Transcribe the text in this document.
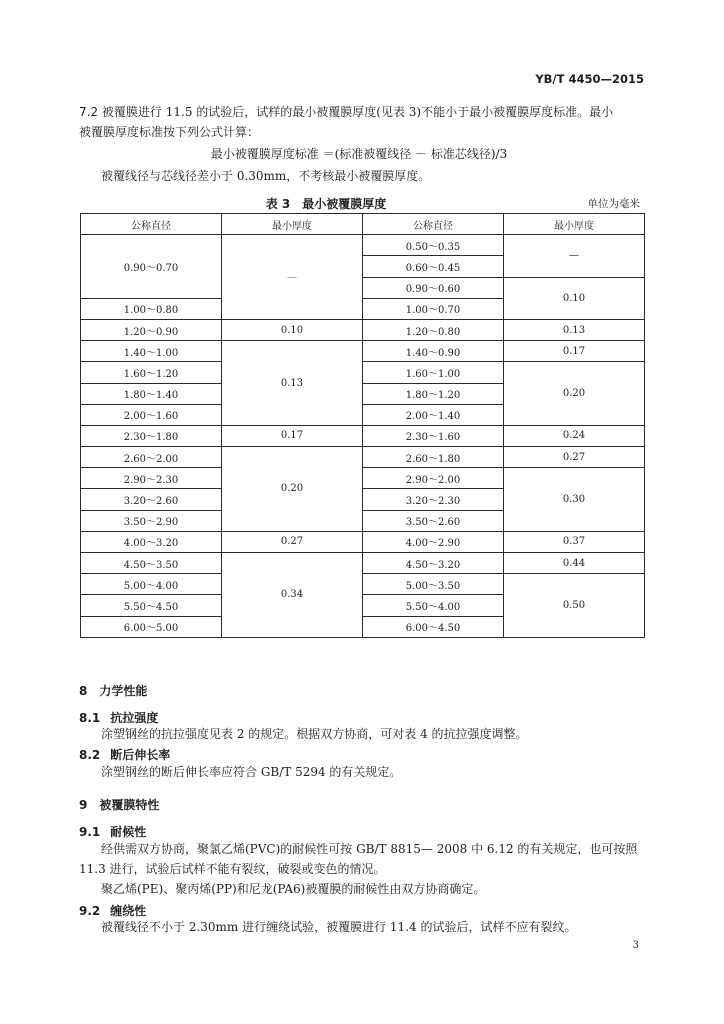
YB/T 4450—2015
7.2 被覆膜进行 11.5 的试验后，试样的最小被覆膜厚度(见表 3)不能小于最小被覆膜厚度标准。最小
被覆膜厚度标准按下列公式计算：
最小被覆膜厚度标准 ＝(标准被覆线径 － 标准芯线径)/3
被覆线径与芯线径差小于 0.30mm，不考核最小被覆膜厚度。
表 3　最小被覆膜厚度	单位为毫米
公称直径	最小厚度	公称直径	最小厚度
0.90～0.70	—	0.50～0.35	—
		0.60～0.45	
		0.90～0.60	0.10
1.00～0.80		1.00～0.70	
1.20～0.90	0.10	1.20～0.80	0.13
1.40～1.00	0.13	1.40～0.90	0.17
1.60～1.20		1.60～1.00	0.20
1.80～1.40		1.80～1.20	
2.00～1.60		2.00～1.40	
2.30～1.80	0.17	2.30～1.60	0.24
2.60～2.00	0.20	2.60～1.80	0.27
2.90～2.30		2.90～2.00	0.30
3.20～2.60		3.20～2.30	
3.50～2.90		3.50～2.60	
4.00～3.20	0.27	4.00～2.90	0.37
4.50～3.50	0.34	4.50～3.20	0.44
5.00～4.00		5.00～3.50	0.50
5.50～4.50		5.50～4.00	
6.00～5.00		6.00～4.50	
8 力学性能
8.1 抗拉强度
涂塑钢丝的抗拉强度见表 2 的规定。根据双方协商，可对表 4 的抗拉强度调整。
8.2 断后伸长率
涂塑钢丝的断后伸长率应符合 GB/T 5294 的有关规定。
9 被覆膜特性
9.1 耐候性
经供需双方协商，聚氯乙烯(PVC)的耐候性可按 GB/T 8815— 2008 中 6.12 的有关规定，也可按照
11.3 进行，试验后试样不能有裂纹，破裂或变色的情况。
聚乙烯(PE)、聚丙烯(PP)和尼龙(PA6)被覆膜的耐候性由双方协商确定。
9.2 缠绕性
被覆线径不小于 2.30mm 进行缠绕试验，被覆膜进行 11.4 的试验后，试样不应有裂纹。
3
